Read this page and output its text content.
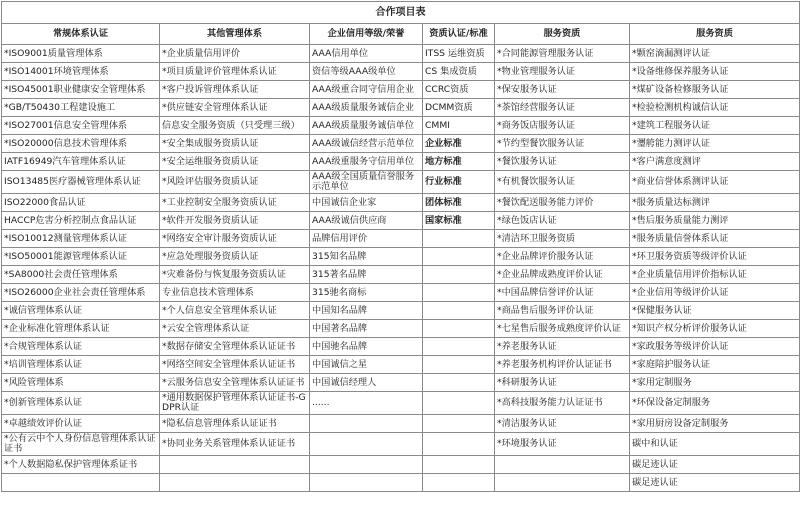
合作项目表					
常规体系认证	其他管理体系	企业信用等级/荣誉	资质认证/标准	服务资质	服务资质
*ISO9001质量管理体系	*企业质量信用评价	AAA信用单位	ITSS 运维资质	*合同能源管理服务认证	*颗窑滴漏测评认证
*ISO14001环境管理体系	*项目质量评价管理体系认证	资信等级AAA级单位	CS 集成资质	*物业管理服务认证	*设备维修保养服务认证
*ISO45001职业健康安全管理体系	*客户投诉管理体系认证	AAA级重合同守信用企业	CCRC资质	*保安服务认证	*煤矿设备检修服务认证
*GB/T50430工程建设施工	*供应链安全管理体系认证	AAA级质量服务诚信企业	DCMM资质	*茶馆经营服务认证	*检验检测机构诚信认证
*ISO27001信息安全管理体系	信息安全服务资质（只受理三级）	AAA级质量服务诚信单位	CMMI	*商务饭店服务认证	*建筑工程服务认证
*ISO20000信息技术管理体系	*安全集成服务资质认证	AAA级诚信经营示范单位	企业标准	*节约型餐饮服务认证	*瓕舿能力测评认证
IATF16949汽车管理体系认证	*安全运维服务资质认证	AAA级重服务守信用单位	地方标准	*餐饮服务认证	*客户满意度测评
ISO13485医疗器械管理体系认证	*风险评估服务资质认证	AAA级全国质量信誉服务示范单位	行业标准	*有机餐饮服务认证	*商业信誉体系测评认证
ISO22000食品认证	*工业控制安全服务资质认证	中国诚信企业家	团体标准	*餐饮配送服务能力评价	*服务质量达标测评
HACCP危害分析控制点食品认证	*软件开发服务资质认证	AAA级诚信供应商	国家标准	*绿色饭店认证	*售后服务质量能力测评
*ISO10012测量管理体系认证	*网络安全审计服务资质认证	品牌信用评价		*清洁环卫服务资质	*服务质量信誉体系认证
*ISO50001能源管理体系认证	*应急处理服务资质认证	315知名品牌		*企业品牌评价服务认证	*环卫服务资质等级评价认证
*SA8000社会责任管理体系	*灾难备份与恢复服务资质认证	315著名品牌		*企业品牌成熟度评价认证	*企业质量信用评价指标认证
*ISO26000企业社会责任管理体系	专业信息技术管理体系	315驰名商标		*中国品牌信誉评价认证	*企业信用等级评价认证
*诚信管理体系认证	*个人信息安全管理体系认证	中国知名品牌		*商品售后服务评价认证	*保健服务认证
*企业标准化管理体系认证	*云安全管理体系认证	中国著名品牌		*七星售后服务成熟度评价认证	*知识产权分析评价服务认证
*合规管理体系认证	*数据存储安全管理体系认证证书	中国驰名品牌		*养老服务认证	*家政服务等级评价认证
*培训管理体系认证	*网络空间安全管理体系认证证书	中国诚信之星		*养老服务机构评价认证证书	*家庭陪护服务认证
*风险管理体系	*云服务信息安全管理体系认证证书	中国诚信经理人		*科研服务认证	*家用定制服务
*创新管理体系认证	*通用数据保护管理体系认证证书-GDPR认证	......		*高科技服务能力认证证书	*环保设备定制服务
*卓越绩效评价认证	*隐私信息管理体系认证证书			*清洁服务认证	*家用厨房设备定制服务
*公有云中个人身份信息管理体系认证证书	*协同业务关系管理体系认证证书			*环境服务认证	碳中和认证
*个人数据隐私保护管理体系证书					碳足迹认证
					碳足迹认证
